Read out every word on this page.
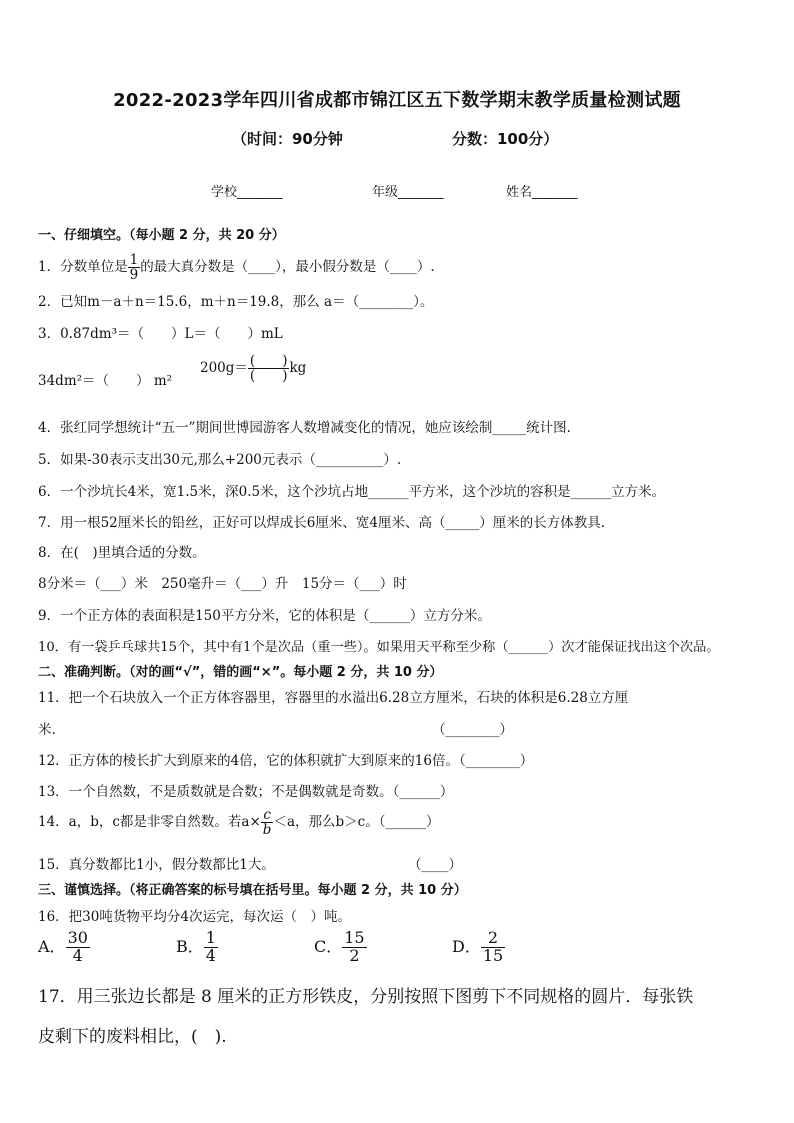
2022-2023学年四川省成都市锦江区五下数学期末教学质量检测试题
（时间：90分钟	分数：100分）
学校_______	年级_______	姓名_______
一、仔细填空。（每小题 2 分，共 20 分）
1．分数单位是 $\frac{1}{9}$ 的最大真分数是（____），最小假分数是（____）.
2．已知m－a＋n＝15.6，m＋n＝19.8，那么 a＝（________）。
3．0.87dm³＝（　　）L＝（　　）mL
34dm²＝（　　） m²
$200g= \frac{( )}{( )}$ kg
4．张红同学想统计“五一”期间世博园游客人数增减变化的情况，她应该绘制_____统计图.
5．如果-30表示支出30元,那么+200元表示（__________）.
6．一个沙坑长4米，宽1.5米，深0.5米，这个沙坑占地______平方米，这个沙坑的容积是______立方米。
7．用一根52厘米长的铅丝，正好可以焊成长6厘米、宽4厘米、高（_____）厘米的长方体教具.
8．在(　)里填合适的分数。
8分米＝（___）米　250毫升＝（___）升　15分＝（___）时
9．一个正方体的表面积是150平方分米，它的体积是（______）立方分米。
10．有一袋乒乓球共15个，其中有1个是次品（重一些）。如果用天平称至少称（______）次才能保证找出这个次品。
二、准确判断。（对的画“√”，错的画“×”。每小题 2 分，共 10 分）
11．把一个石块放入一个正方体容器里，容器里的水溢出6.28立方厘米，石块的体积是6.28立方厘
米.	（________）
12．正方体的棱长扩大到原来的4倍，它的体积就扩大到原来的16倍。（________）
13．一个自然数，不是质数就是合数；不是偶数就是奇数。（______）
14．a，b，c都是非零自然数。若$a\times \frac{c}{b} <a$，那么b＞c。（______）
15．真分数都比1小，假分数都比1大。	（____）
三、谨慎选择。（将正确答案的标号填在括号里。每小题 2 分，共 10 分）
16．把30吨货物平均分4次运完，每次运（　）吨。
A． $\frac{30}{4}$	B． $\frac{1}{4}$	C． $\frac{15}{2}$	D． $\frac{2}{15}$
17．用三张边长都是 8 厘米的正方形铁皮，分别按照下图剪下不同规格的圆片．每张铁
皮剩下的废料相比，(　).
